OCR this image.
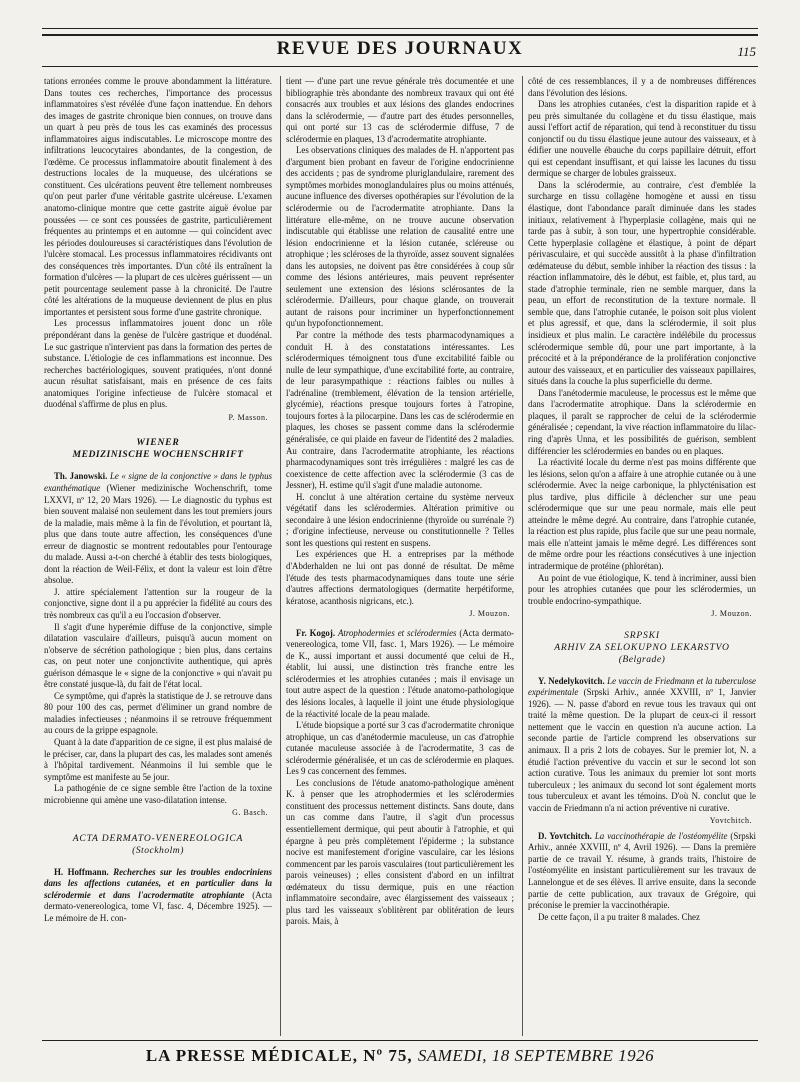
REVUE DES JOURNAUX	115

tations erronées comme le prouve abondamment la littérature. Dans toutes ces recherches, l'importance des processus inflammatoires s'est révélée d'une façon inattendue. En dehors des images de gastrite chronique bien connues, on trouve dans un quart à peu près de tous les cas examinés des processus inflammatoires aigus indiscutables. Le microscope montre des infiltrations leucocytaires abondantes, de la congestion, de l'œdème. Ce processus inflammatoire aboutit finalement à des destructions locales de la muqueuse, des ulcérations se constituent. Ces ulcérations peuvent être tellement nombreuses qu'on peut parler d'une véritable gastrite ulcéreuse. L'examen anatomo-clinique montre que cette gastrite aiguë évolue par poussées — ce sont ces poussées de gastrite, particulièrement fréquentes au printemps et en automne — qui coïncident avec les périodes douloureuses si caractéristiques dans l'évolution de l'ulcère stomacal. Les processus inflammatoires récidivants ont des conséquences très importantes. D'un côté ils entraînent la formation d'ulcères — la plupart de ces ulcères guérissent — un petit pourcentage seulement passe à la chronicité. De l'autre côté les altérations de la muqueuse deviennent de plus en plus importantes et persistent sous forme d'une gastrite chronique.

Les processus inflammatoires jouent donc un rôle prépondérant dans la genèse de l'ulcère gastrique et duodénal. Le suc gastrique n'intervient pas dans la formation des pertes de substance. L'étiologie de ces inflammations est inconnue. Des recherches bactériologiques, souvent pratiquées, n'ont donné aucun résultat satisfaisant, mais en présence de ces faits anatomiques l'origine infectieuse de l'ulcère stomacal et duodénal s'affirme de plus en plus.

P. Masson.
WIENER
MEDIZINISCHE WOCHENSCHRIFT

Th. Janowski. Le « signe de la conjonctive » dans le typhus exanthématique (Wiener medizinische Wochenschrift, tome LXXVI, nº 12, 20 Mars 1926). — Le diagnostic du typhus est bien souvent malaisé non seulement dans les tout premiers jours de la maladie, mais même à la fin de l'évolution, et pourtant là, plus que dans toute autre affection, les conséquences d'une erreur de diagnostic se montrent redoutables pour l'entourage du malade. Aussi a-t-on cherché à établir des tests biologiques, dont la réaction de Weil-Félix, et dont la valeur est loin d'être absolue.

J. attire spécialement l'attention sur la rougeur de la conjonctive, signe dont il a pu apprécier la fidélité au cours des très nombreux cas qu'il a eu l'occasion d'observer.

Il s'agit d'une hyperémie diffuse de la conjonctive, simple dilatation vasculaire d'ailleurs, puisqu'à aucun moment on n'observe de sécrétion pathologique ; bien plus, dans certains cas, on peut noter une conjonctivite authentique, qui après guérison démasque le « signe de la conjonctive » qui n'avait pu être constaté jusque-là, du fait de l'état local.

Ce symptôme, qui d'après la statistique de J. se retrouve dans 80 pour 100 des cas, permet d'éliminer un grand nombre de maladies infectieuses ; néanmoins il se retrouve fréquemment au cours de la grippe espagnole.

Quant à la date d'apparition de ce signe, il est plus malaisé de le préciser, car, dans la plupart des cas, les malades sont amenés à l'hôpital tardivement. Néanmoins il lui semble que le symptôme est manifeste au 5e jour.

La pathogénie de ce signe semble être l'action de la toxine microbienne qui amène une vaso-dilatation intense.

G. Basch.
ACTA DERMATO-VENEREOLOGICA
(Stockholm)

H. Hoffmann. Recherches sur les troubles endocriniens dans les affections cutanées, et en particulier dans la sclérodermie et dans l'acrodermatite atrophiante (Acta dermato-venereologica, tome VI, fasc. 4, Décembre 1925). — Le mémoire de H. con-

tient — d'une part une revue générale très documentée et une bibliographie très abondante des nombreux travaux qui ont été consacrés aux troubles et aux lésions des glandes endocrines dans la sclérodermie, — d'autre part des études personnelles, qui ont porté sur 13 cas de sclérodermie diffuse, 7 de sclérodermie en plaques, 13 d'acrodermatite atrophiante.

Les observations cliniques des malades de H. n'apportent pas d'argument bien probant en faveur de l'origine endocrinienne des accidents ; pas de syndrome pluriglandulaire, rarement des symptômes morbides monoglandulaires plus ou moins atténués, aucune influence des diverses opothérapies sur l'évolution de la sclérodermie ou de l'acrodermatite atrophiante. Dans la littérature elle-même, on ne trouve aucune observation indiscutable qui établisse une relation de causalité entre une lésion endocrinienne et la lésion cutanée, scléreuse ou atrophique ; les scléroses de la thyroïde, assez souvent signalées dans les autopsies, ne doivent pas être considérées à coup sûr comme des lésions antérieures, mais peuvent représenter seulement une extension des lésions sclérosantes de la sclérodermie. D'ailleurs, pour chaque glande, on trouverait autant de raisons pour incriminer un hyperfonctionnement qu'un hypofonctionnement.

Par contre la méthode des tests pharmacodynamiques a conduit H. à des constatations intéressantes. Les sclérodermiques témoignent tous d'une excitabilité faible ou nulle de leur sympathique, d'une excitabilité forte, au contraire, de leur parasympathique : réactions faibles ou nulles à l'adrénaline (tremblement, élévation de la tension artérielle, glycémie), réactions presque toujours fortes à l'atropine, toujours fortes à la pilocarpine. Dans les cas de sclérodermie en plaques, les choses se passent comme dans la sclérodermie généralisée, ce qui plaide en faveur de l'identité des 2 maladies. Au contraire, dans l'acrodermatite atrophiante, les réactions pharmacodynamiques sont très irrégulières : malgré les cas de coexistence de cette affection avec la sclérodermie (3 cas de Jessner), H. estime qu'il s'agit d'une maladie autonome.

H. conclut à une altération certaine du système nerveux végétatif dans les sclérodermies. Altération primitive ou secondaire à une lésion endocrinienne (thyroïde ou surrénale ?) ; d'origine infectieuse, nerveuse ou constitutionnelle ? Telles sont les questions qui restent en suspens.

Les expériences que H. a entreprises par la méthode d'Abderhalden ne lui ont pas donné de résultat. De même l'étude des tests pharmacodynamiques dans toute une série d'autres affections dermatologiques (dermatite herpétiforme, kératose, acanthosis nigricans, etc.).

J. Mouzon.

Fr. Kogoj. Atrophodermies et sclérodermies (Acta dermato-venereologica, tome VII, fasc. 1, Mars 1926). — Le mémoire de K., aussi important et aussi documenté que celui de H., établit, lui aussi, une distinction très franche entre les sclérodermies et les atrophies cutanées ; mais il envisage un tout autre aspect de la question : l'étude anatomo-pathologique des lésions locales, à laquelle il joint une étude physiologique de la réactivité locale de la peau malade.

L'étude biopsique a porté sur 3 cas d'acrodermatite chronique atrophique, un cas d'anétodermie maculeuse, un cas d'atrophie cutanée maculeuse associée à de l'acrodermatite, 3 cas de sclérodermie généralisée, et un cas de sclérodermie en plaques. Les 9 cas concernent des femmes.

Les conclusions de l'étude anatomo-pathologique amènent K. à penser que les atrophodermies et les sclérodermies constituent des processus nettement distincts. Sans doute, dans un cas comme dans l'autre, il s'agit d'un processus essentiellement dermique, qui peut aboutir à l'atrophie, et qui épargne à peu près complètement l'épiderme ; la substance nocive est manifestement d'origine vasculaire, car les lésions commencent par les parois vasculaires (tout particulièrement les parois veineuses) ; elles consistent d'abord en un infiltrat œdémateux du tissu dermique, puis en une réaction inflammatoire secondaire, avec élargissement des vaisseaux ; plus tard les vaisseaux s'oblitèrent par oblitération de leurs parois. Mais, à

côté de ces ressemblances, il y a de nombreuses différences dans l'évolution des lésions.

Dans les atrophies cutanées, c'est la disparition rapide et à peu près simultanée du collagène et du tissu élastique, mais aussi l'effort actif de réparation, qui tend à reconstituer du tissu conjonctif ou du tissu élastique jeune autour des vaisseaux, et à édifier une nouvelle ébauche du corps papillaire détruit, effort qui est cependant insuffisant, et qui laisse les lacunes du tissu dermique se charger de lobules graisseux.

Dans la sclérodermie, au contraire, c'est d'emblée la surcharge en tissu collagène homogène et aussi en tissu élastique, dont l'abondance paraît diminuée dans les stades initiaux, relativement à l'hyperplasie collagène, mais qui ne tarde pas à subir, à son tour, une hypertrophie considérable. Cette hyperplasie collagène et élastique, à point de départ périvasculaire, et qui succède aussitôt à la phase d'infiltration œdémateuse du début, semble inhiber la réaction des tissus : la réaction inflammatoire, dès le début, est faible, et, plus tard, au stade d'atrophie terminale, rien ne semble marquer, dans la peau, un effort de reconstitution de la texture normale. Il semble que, dans l'atrophie cutanée, le poison soit plus violent et plus agressif, et que, dans la sclérodermie, il soit plus insidieux et plus malin. Le caractère indélébile du processus sclérodermique semble dû, pour une part importante, à la précocité et à la prépondérance de la prolifération conjonctive autour des vaisseaux, et en particulier des vaisseaux papillaires, situés dans la couche la plus superficielle du derme.

Dans l'anétodermie maculeuse, le processus est le même que dans l'acrodermatite atrophique. Dans la sclérodermie en plaques, il paraît se rapprocher de celui de la sclérodermie généralisée ; cependant, la vive réaction inflammatoire du lilac-ring d'après Unna, et les possibilités de guérison, semblent différencier les sclérodermies en bandes ou en plaques.

La réactivité locale du derme n'est pas moins différente que les lésions, selon qu'on a affaire à une atrophie cutanée ou à une sclérodermie. Avec la neige carbonique, la phlycténisation est plus tardive, plus difficile à déclencher sur une peau sclérodermique que sur une peau normale, mais elle peut atteindre le même degré. Au contraire, dans l'atrophie cutanée, la réaction est plus rapide, plus facile que sur une peau normale, mais elle n'atteint jamais le même degré. Les différences sont de même ordre pour les réactions consécutives à une injection intradermique de protéine (phlorétan).

Au point de vue étiologique, K. tend à incriminer, aussi bien pour les atrophies cutanées que pour les sclérodermies, un trouble endocrino-sympathique.

J. Mouzon.
SRPSKI
ARHIV ZA SELOKUPNO LEKARSTVO
(Belgrade)

Y. Nedelykovitch. Le vaccin de Friedmann et la tuberculose expérimentale (Srpski Arhiv., année XXVIII, nº 1, Janvier 1926). — N. passe d'abord en revue tous les travaux qui ont traité la même question. De la plupart de ceux-ci il ressort nettement que le vaccin en question n'a aucune action. La seconde partie de l'article comprend les observations sur animaux. Il a pris 2 lots de cobayes. Sur le premier lot, N. a étudié l'action préventive du vaccin et sur le second lot son action curative. Tous les animaux du premier lot sont morts tuberculeux ; les animaux du second lot sont également morts tous tuberculeux et avant les témoins. D'où N. conclut que le vaccin de Friedmann n'a ni action préventive ni curative.

Yovtchitch.

D. Yovtchitch. La vaccinothérapie de l'ostéomyélite (Srpski Arhiv., année XXVIII, nº 4, Avril 1926). — Dans la première partie de ce travail Y. résume, à grands traits, l'histoire de l'ostéomyélite en insistant particulièrement sur les travaux de Lannelongue et de ses élèves. Il arrive ensuite, dans la seconde partie de cette publication, aux travaux de Grégoire, qui préconise le premier la vaccinothérapie.

De cette façon, il a pu traiter 8 malades. Chez

LA PRESSE MÉDICALE, Nº 75, SAMEDI, 18 SEPTEMBRE 1926
